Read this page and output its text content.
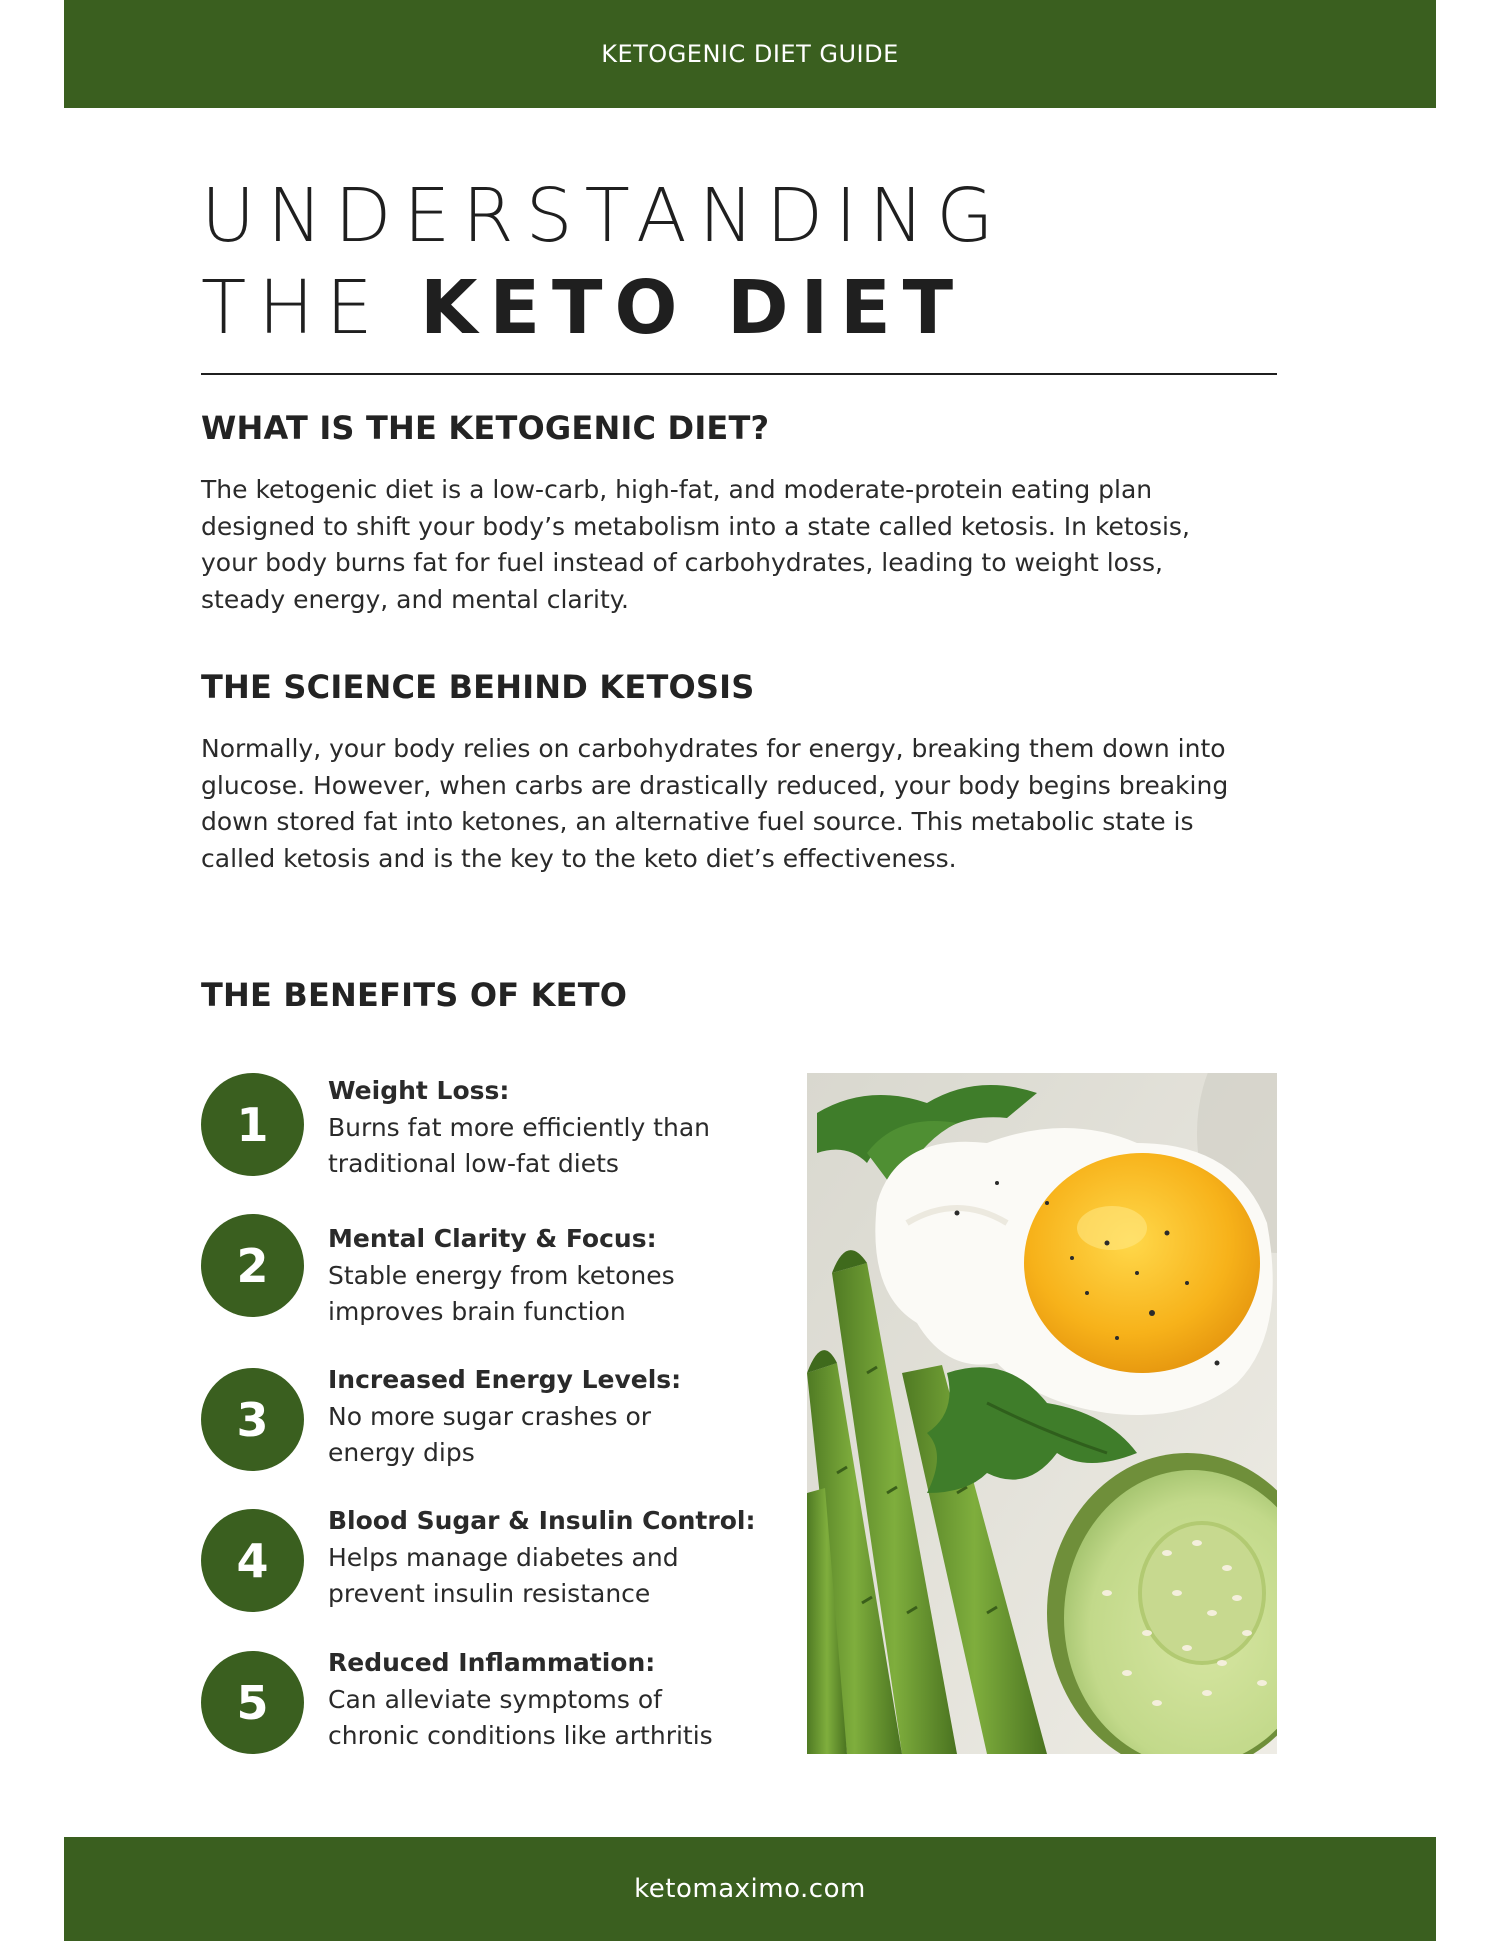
KETOGENIC DIET GUIDE
UNDERSTANDING
THE KETO DIET
WHAT IS THE KETOGENIC DIET?

The ketogenic diet is a low-carb, high-fat, and moderate-protein eating plan
designed to shift your body’s metabolism into a state called ketosis. In ketosis,
your body burns fat for fuel instead of carbohydrates, leading to weight loss,
steady energy, and mental clarity.

THE SCIENCE BEHIND KETOSIS

Normally, your body relies on carbohydrates for energy, breaking them down into
glucose. However, when carbs are drastically reduced, your body begins breaking
down stored fat into ketones, an alternative fuel source. This metabolic state is
called ketosis and is the key to the keto diet’s effectiveness.

THE BENEFITS OF KETO
1
Weight Loss:
Burns fat more efficiently than
traditional low-fat diets
2	Mental Clarity & Focus:
Stable energy from ketones
improves brain function
3
Increased Energy Levels:
No more sugar crashes or
energy dips
4
Blood Sugar & Insulin Control:
Helps manage diabetes and
prevent insulin resistance
5
Reduced Inflammation:
Can alleviate symptoms of
chronic conditions like arthritis
ketomaximo.com
